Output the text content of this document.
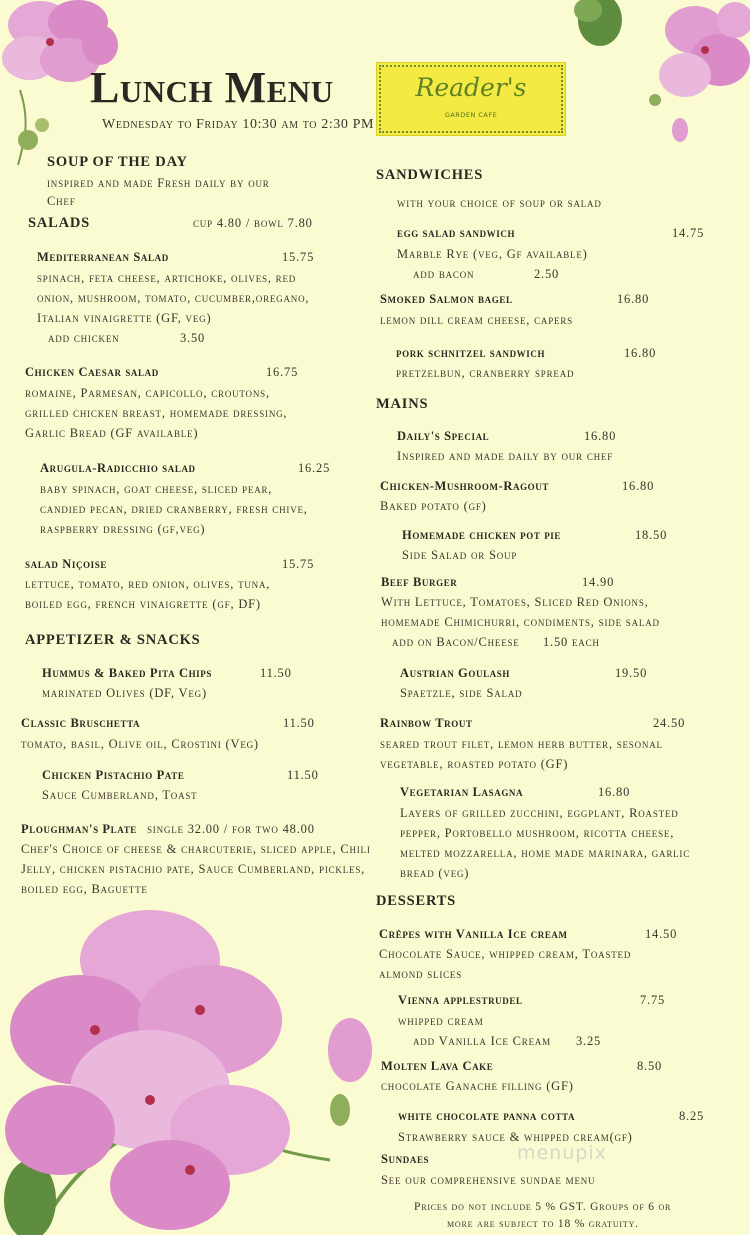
Lunch Menu
Wednesday to Friday 10:30 am to 2:30 PM
Reader's
GARDEN CAFE
SOUP OF THE DAY
inspired and made Fresh daily by our
Chef
SALADS	cup 4.80 / bowl 7.80
Mediterranean Salad	15.75
spinach, feta cheese, artichoke, olives, red
onion, mushroom, tomato, cucumber,oregano,
Italian vinaigrette (GF, veg)
add chicken	3.50
Chicken Caesar salad	16.75
romaine, Parmesan, capicollo, croutons,
grilled chicken breast, homemade dressing,
Garlic Bread (GF available)
Arugula-Radicchio salad	16.25
baby spinach, goat cheese, sliced pear,
candied pecan, dried cranberry, fresh chive,
raspberry dressing (gf,veg)
salad Niçoise	15.75
lettuce, tomato, red onion, olives, tuna,
boiled egg, french vinaigrette (gf, DF)
APPETIZER & SNACKS
Hummus & Baked Pita Chips	11.50
marinated Olives (DF, Veg)
Classic Bruschetta	11.50
tomato, basil, Olive oil, Crostini (Veg)
Chicken Pistachio Pate	11.50
Sauce Cumberland, Toast
Ploughman's Plate single 32.00 / for two 48.00
Chef's Choice of cheese & charcuterie, sliced apple, Chili
Jelly, chicken pistachio pate, Sauce Cumberland, pickles,
boiled egg, Baguette
SANDWICHES
with your choice of soup or salad
egg salad sandwich	14.75
Marble Rye (veg, Gf available)
add bacon	2.50
Smoked Salmon bagel	16.80
lemon dill cream cheese, capers
pork schnitzel sandwich	16.80
pretzelbun, cranberry spread
MAINS
Daily's Special	16.80
Inspired and made daily by our chef
Chicken-Mushroom-Ragout	16.80
Baked potato (gf)
Homemade chicken pot pie	18.50
Side Salad or Soup
Beef Burger	14.90
With Lettuce, Tomatoes, Sliced Red Onions,
homemade Chimichurri, condiments, side salad
add on Bacon/Cheese 1.50 each
Austrian Goulash	19.50
Spaetzle, side Salad
Rainbow Trout	24.50
seared trout filet, lemon herb butter, sesonal
vegetable, roasted potato (GF)
Vegetarian Lasagna	16.80
Layers of grilled zucchini, eggplant, Roasted
pepper, Portobello mushroom, ricotta cheese,
melted mozzarella, home made marinara, garlic
bread (veg)
DESSERTS
Crêpes with Vanilla Ice cream	14.50
Chocolate Sauce, whipped cream, Toasted
almond slices
Vienna applestrudel	7.75
whipped cream
add Vanilla Ice Cream 3.25
Molten Lava Cake	8.50
chocolate Ganache filling (GF)
white chocolate panna cotta	8.25
Strawberry sauce & whipped cream(gf)
Sundaes
See our comprehensive sundae menu
menupix
Prices do not include 5 % GST. Groups of 6 or
more are subject to 18 % gratuity.
